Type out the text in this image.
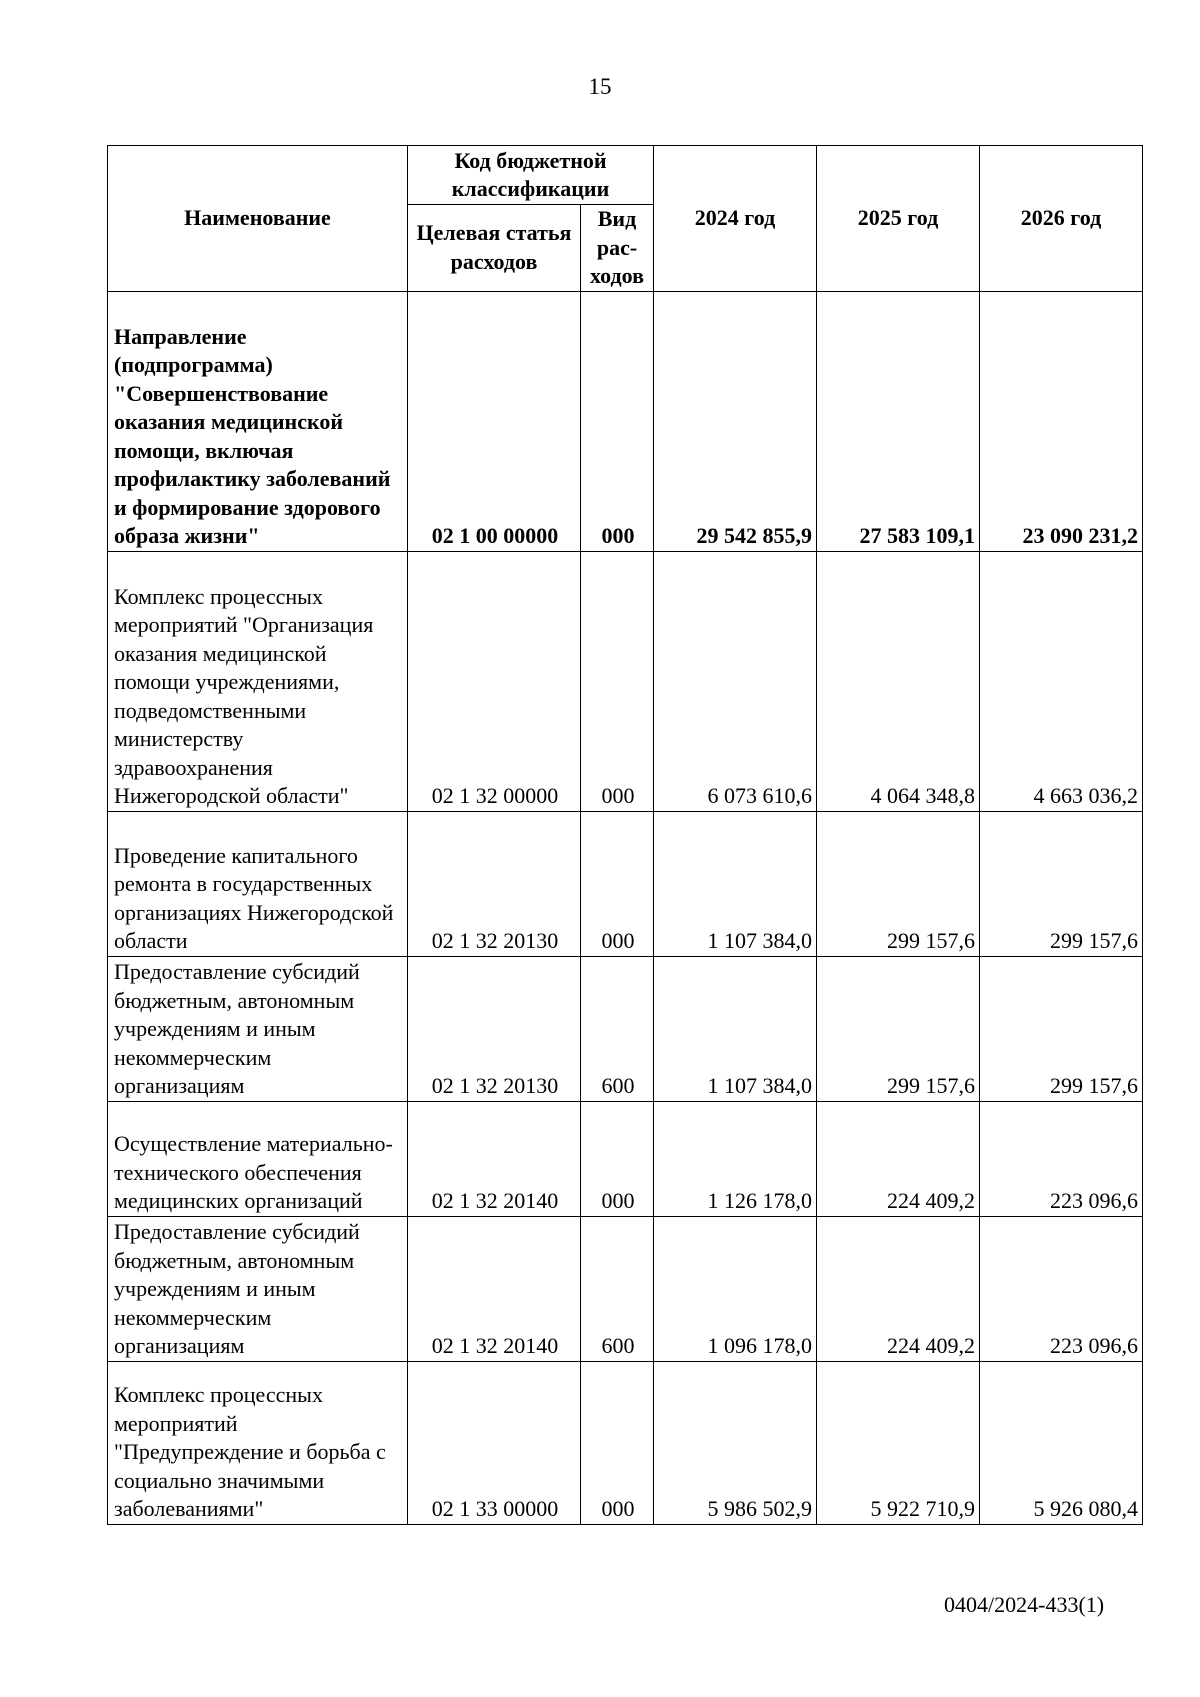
15
Наименование	Код бюджетной классификации		2024 год	2025 год	2026 год
	Целевая статья расходов	Вид рас-ходов			
Направление (подпрограмма) "Совершенствование оказания медицинской помощи, включая профилактику заболеваний и формирование здорового образа жизни"	02 1 00 00000	000	29 542 855,9	27 583 109,1	23 090 231,2
Комплекс процессных мероприятий "Организация оказания медицинской помощи учреждениями, подведомственными министерству здравоохранения Нижегородской области"	02 1 32 00000	000	6 073 610,6	4 064 348,8	4 663 036,2
Проведение капитального ремонта в государственных организациях Нижегородской области	02 1 32 20130	000	1 107 384,0	299 157,6	299 157,6
Предоставление субсидий бюджетным, автономным учреждениям и иным некоммерческим организациям	02 1 32 20130	600	1 107 384,0	299 157,6	299 157,6
Осуществление материально-технического обеспечения медицинских организаций	02 1 32 20140	000	1 126 178,0	224 409,2	223 096,6
Предоставление субсидий бюджетным, автономным учреждениям и иным некоммерческим организациям	02 1 32 20140	600	1 096 178,0	224 409,2	223 096,6
Комплекс процессных мероприятий "Предупреждение и борьба с социально значимыми заболеваниями"	02 1 33 00000	000	5 986 502,9	5 922 710,9	5 926 080,4
0404/2024-433(1)
